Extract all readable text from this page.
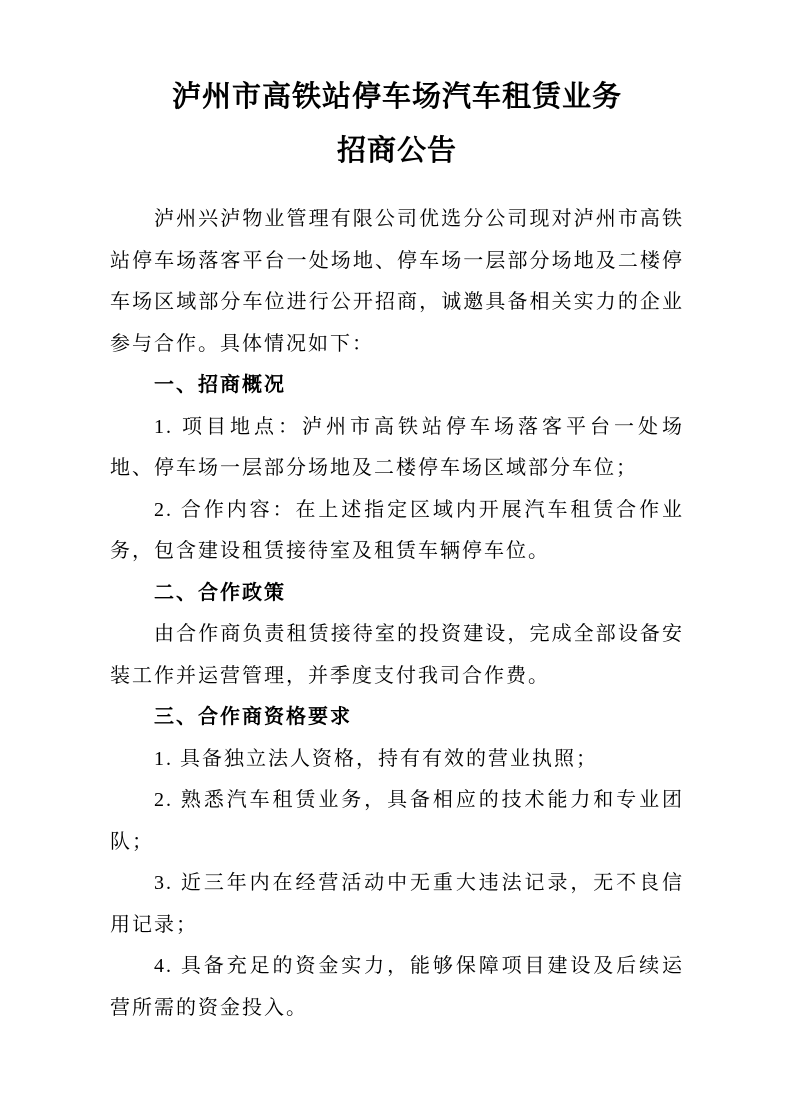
泸州市高铁站停车场汽车租赁业务
招商公告

泸州兴泸物业管理有限公司优选分公司现对泸州市高铁站停车场落客平台一处场地、停车场一层部分场地及二楼停车场区域部分车位进行公开招商，诚邀具备相关实力的企业参与合作。具体情况如下：

一、招商概况

1. 项目地点：泸州市高铁站停车场落客平台一处场地、停车场一层部分场地及二楼停车场区域部分车位；

2. 合作内容：在上述指定区域内开展汽车租赁合作业务，包含建设租赁接待室及租赁车辆停车位。

二、合作政策

由合作商负责租赁接待室的投资建设，完成全部设备安装工作并运营管理，并季度支付我司合作费。

三、合作商资格要求

1. 具备独立法人资格，持有有效的营业执照；

2. 熟悉汽车租赁业务，具备相应的技术能力和专业团队；

3. 近三年内在经营活动中无重大违法记录，无不良信用记录；

4. 具备充足的资金实力，能够保障项目建设及后续运营所需的资金投入。
